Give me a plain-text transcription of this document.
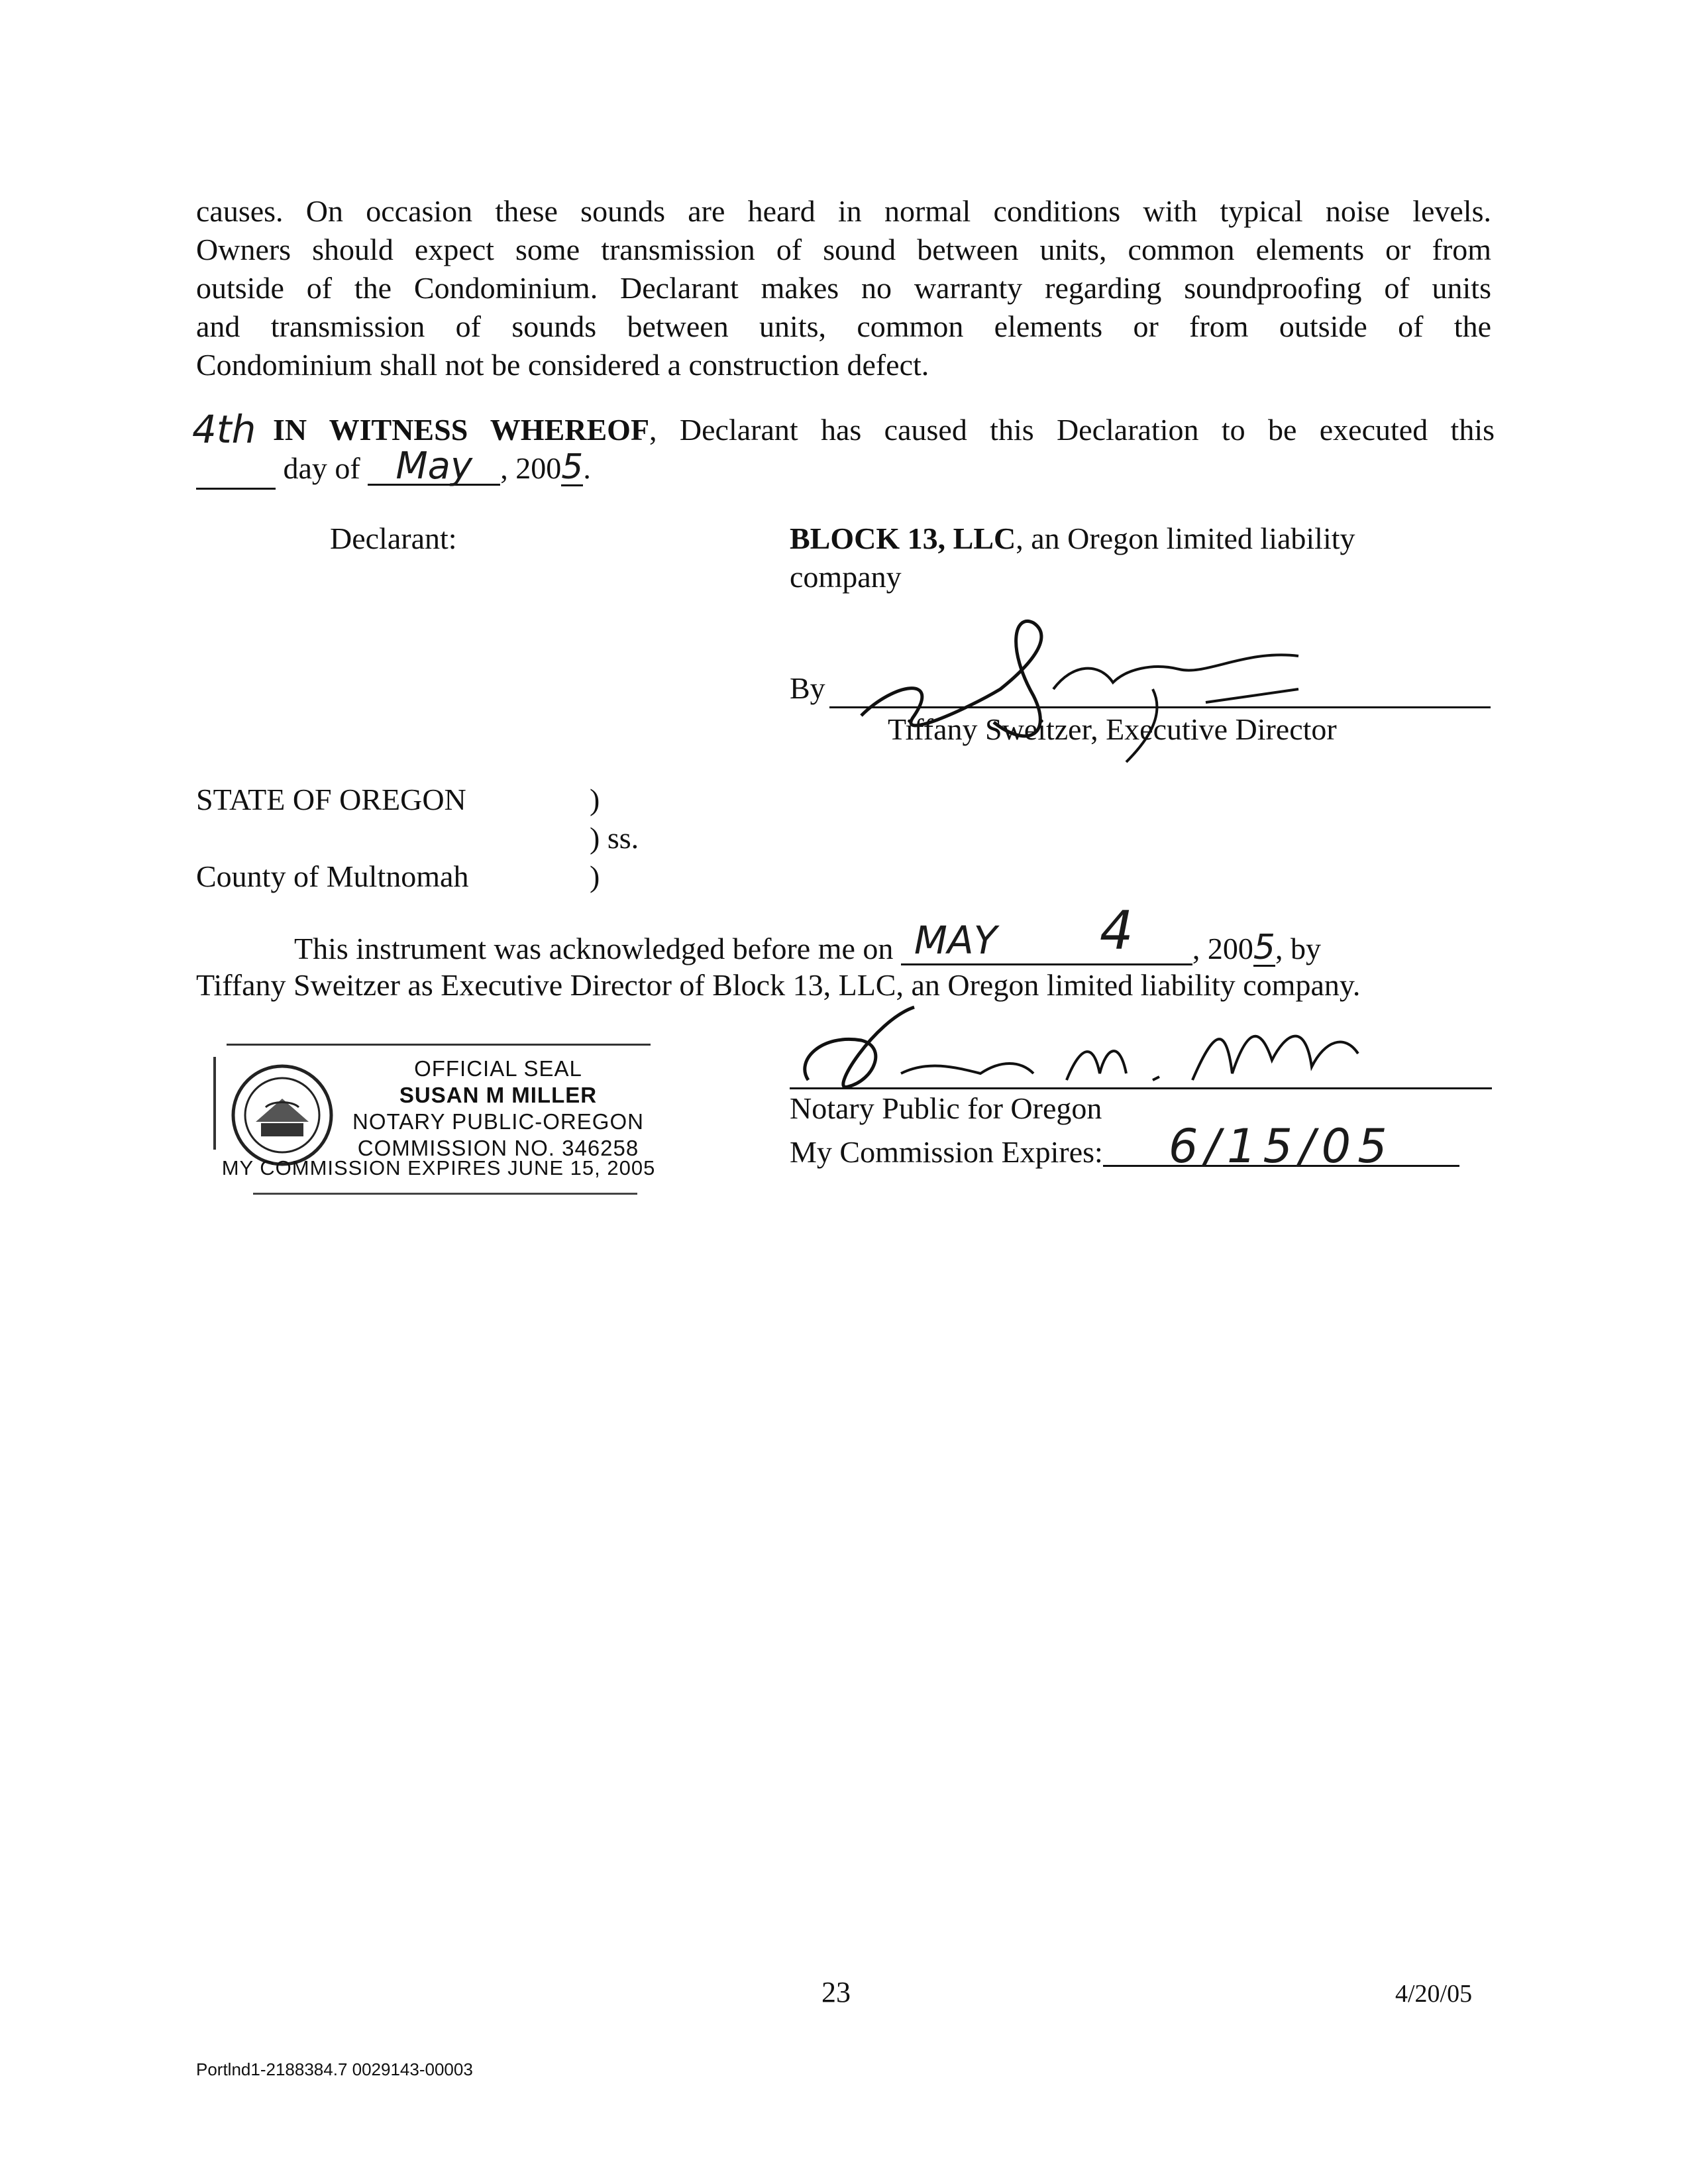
causes. On occasion these sounds are heard in normal conditions with typical noise levels.
Owners should expect some transmission of sound between units, common elements or from
outside of the Condominium. Declarant makes no warranty regarding soundproofing of units
and transmission of sounds between units, common elements or from outside of the
Condominium shall not be considered a construction defect.
4th IN WITNESS WHEREOF, Declarant has caused this Declaration to be executed this
day of May , 2005.
Declarant:	BLOCK 13, LLC, an Oregon limited liability
company
By
Tiffany Sweitzer, Executive Director
STATE OF OREGON	)
) ss.
County of Multnomah	)
This instrument was acknowledged before me on MAY 4 , 2005, by
Tiffany Sweitzer as Executive Director of Block 13, LLC, an Oregon limited liability company.
OFFICIAL SEAL
SUSAN M MILLER
NOTARY PUBLIC-OREGON
COMMISSION NO. 346258
MY COMMISSION EXPIRES JUNE 15, 2005
Notary Public for Oregon
My Commission Expires: 6/15/05
23	4/20/05
Portlnd1-2188384.7 0029143-00003
